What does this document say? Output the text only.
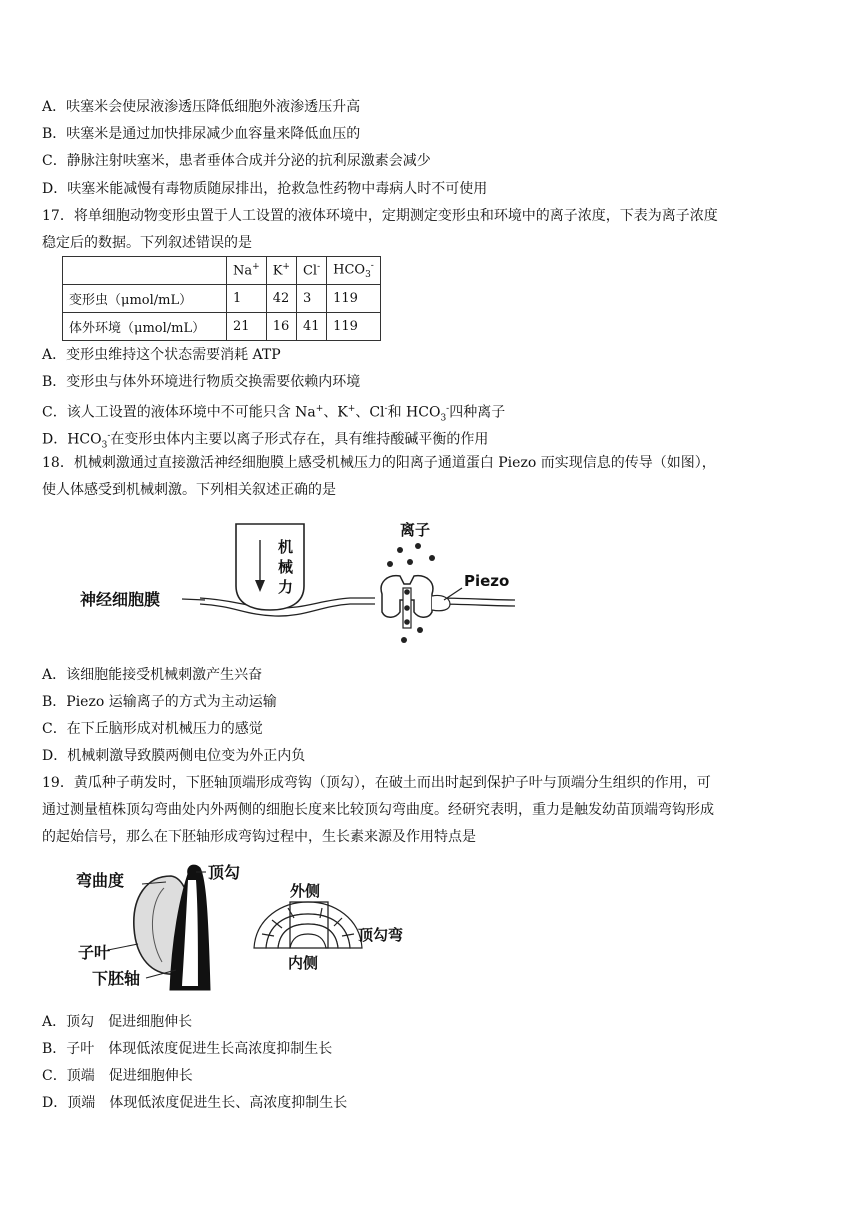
A．呋塞米会使尿液渗透压降低细胞外液渗透压升高
B．呋塞米是通过加快排尿减少血容量来降低血压的
C．静脉注射呋塞米，患者垂体合成并分泌的抗利尿激素会减少
D．呋塞米能减慢有毒物质随尿排出，抢救急性药物中毒病人时不可使用
17．将单细胞动物变形虫置于人工设置的液体环境中，定期测定变形虫和环境中的离子浓度，下表为离子浓度
稳定后的数据。下列叙述错误的是
	Na+	K+	Cl-	$HCO_3^-$
变形虫（μmol/mL）	1	42	3	119
体外环境（μmol/mL）	21	16	41	119
A．变形虫维持这个状态需要消耗 ATP
B．变形虫与体外环境进行物质交换需要依赖内环境
C．该人工设置的液体环境中不可能只含 Na+、K+、Cl-和 $HCO_3^-$四种离子
D．$HCO_3^-$在变形虫体内主要以离子形式存在，具有维持酸碱平衡的作用
18．机械刺激通过直接激活神经细胞膜上感受机械压力的阳离子通道蛋白 Piezo 而实现信息的传导（如图），
使人体感受到机械刺激。下列相关叙述正确的是
神经细胞膜
机
械
力
离子
Piezo
A．该细胞能接受机械刺激产生兴奋
B．Piezo 运输离子的方式为主动运输
C．在下丘脑形成对机械压力的感觉
D．机械刺激导致膜两侧电位变为外正内负
19．黄瓜种子萌发时，下胚轴顶端形成弯钩（顶勾），在破土而出时起到保护子叶与顶端分生组织的作用，可
通过测量植株顶勾弯曲处内外两侧的细胞长度来比较顶勾弯曲度。经研究表明，重力是触发幼苗顶端弯钩形成
的起始信号，那么在下胚轴形成弯钩过程中，生长素来源及作用特点是
弯曲度	顶勾
子叶
下胚轴
外侧
内侧
顶勾弯
A．顶勾　促进细胞伸长
B．子叶　体现低浓度促进生长高浓度抑制生长
C．顶端　促进细胞伸长
D．顶端　体现低浓度促进生长、高浓度抑制生长
